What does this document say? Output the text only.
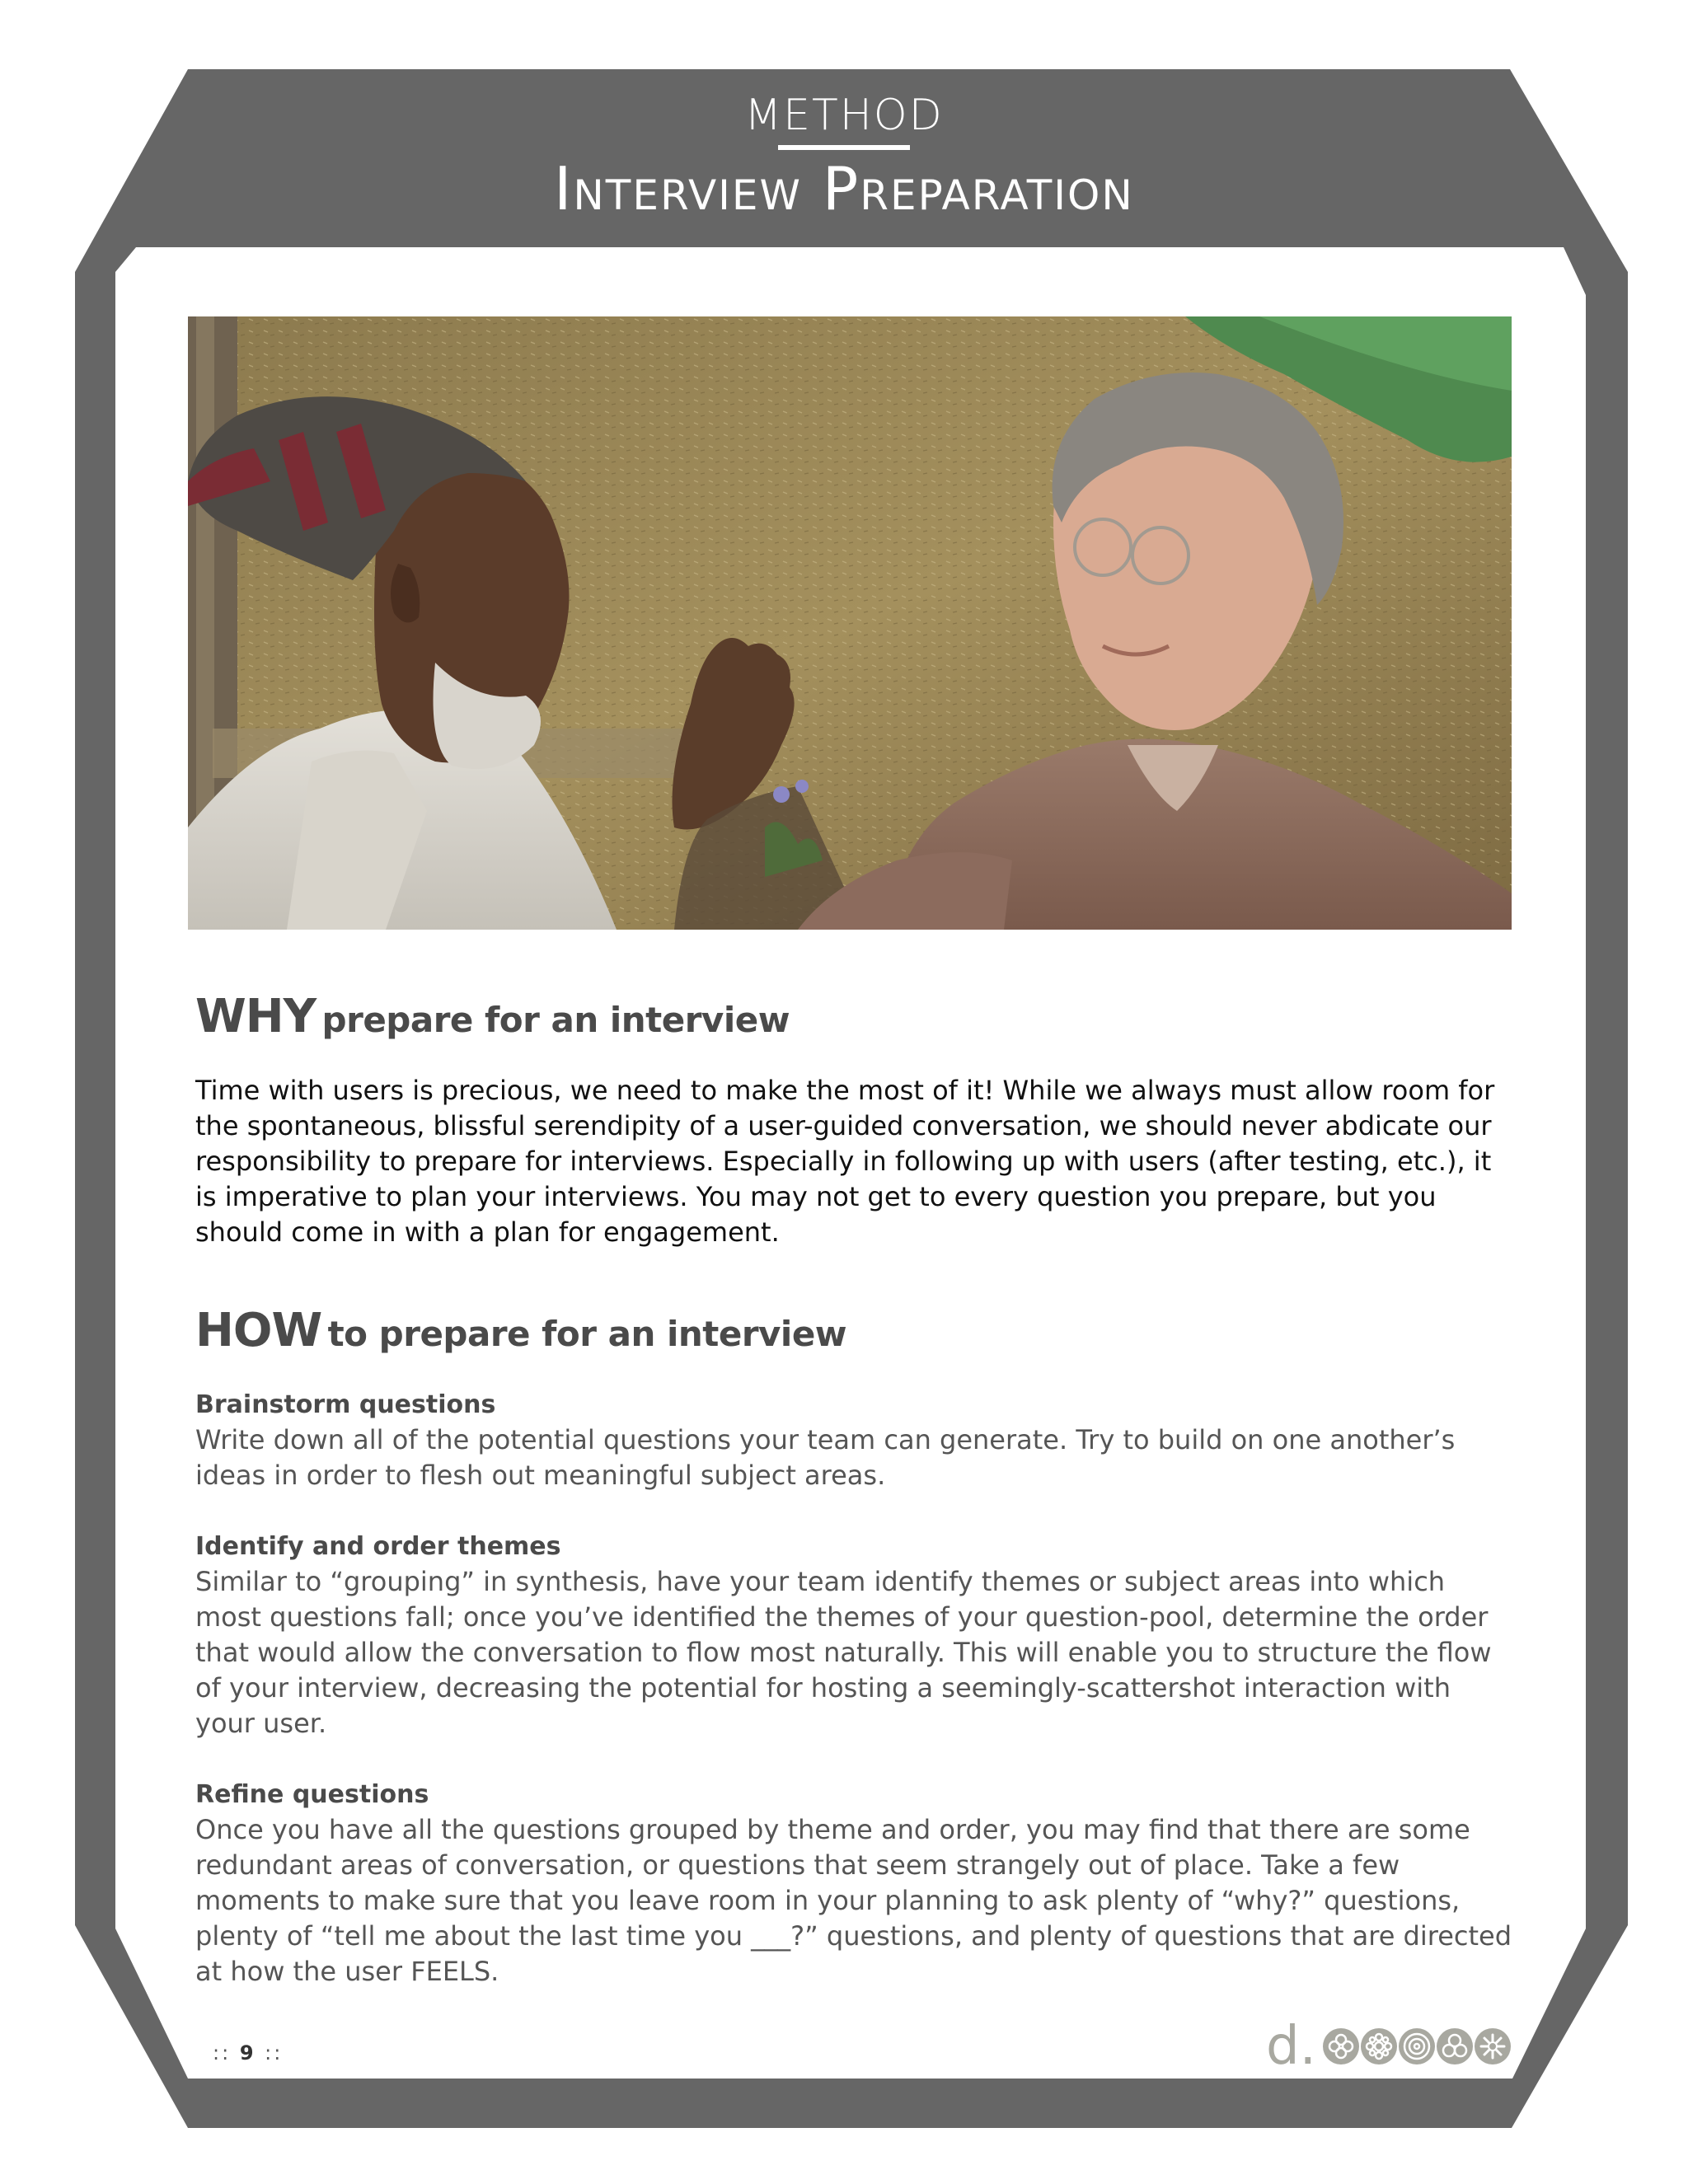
METHOD
Interview Preparation
WHY prepare for an interview

Time with users is precious, we need to make the most of it! While we always must allow room for the spontaneous, blissful serendipity of a user-guided conversation, we should never abdicate our responsibility to prepare for interviews. Especially in following up with users (after testing, etc.), it is imperative to plan your interviews. You may not get to every question you prepare, but you should come in with a plan for engagement.

HOW to prepare for an interview
Brainstorm questions
Write down all of the potential questions your team can generate. Try to build on one another’s ideas in order to flesh out meaningful subject areas.
Identify and order themes
Similar to “grouping” in synthesis, have your team identify themes or subject areas into which most questions fall; once you’ve identified the themes of your question-pool, determine the order that would allow the conversation to flow most naturally. This will enable you to structure the flow of your interview, decreasing the potential for hosting a seemingly-scattershot interaction with your user.
Refine questions
Once you have all the questions grouped by theme and order, you may find that there are some redundant areas of conversation, or questions that seem strangely out of place. Take a few moments to make sure that you leave room in your planning to ask plenty of “why?” questions, plenty of “tell me about the last time you ___?” questions, and plenty of questions that are directed at how the user FEELS.
:: 9 ::	d.
